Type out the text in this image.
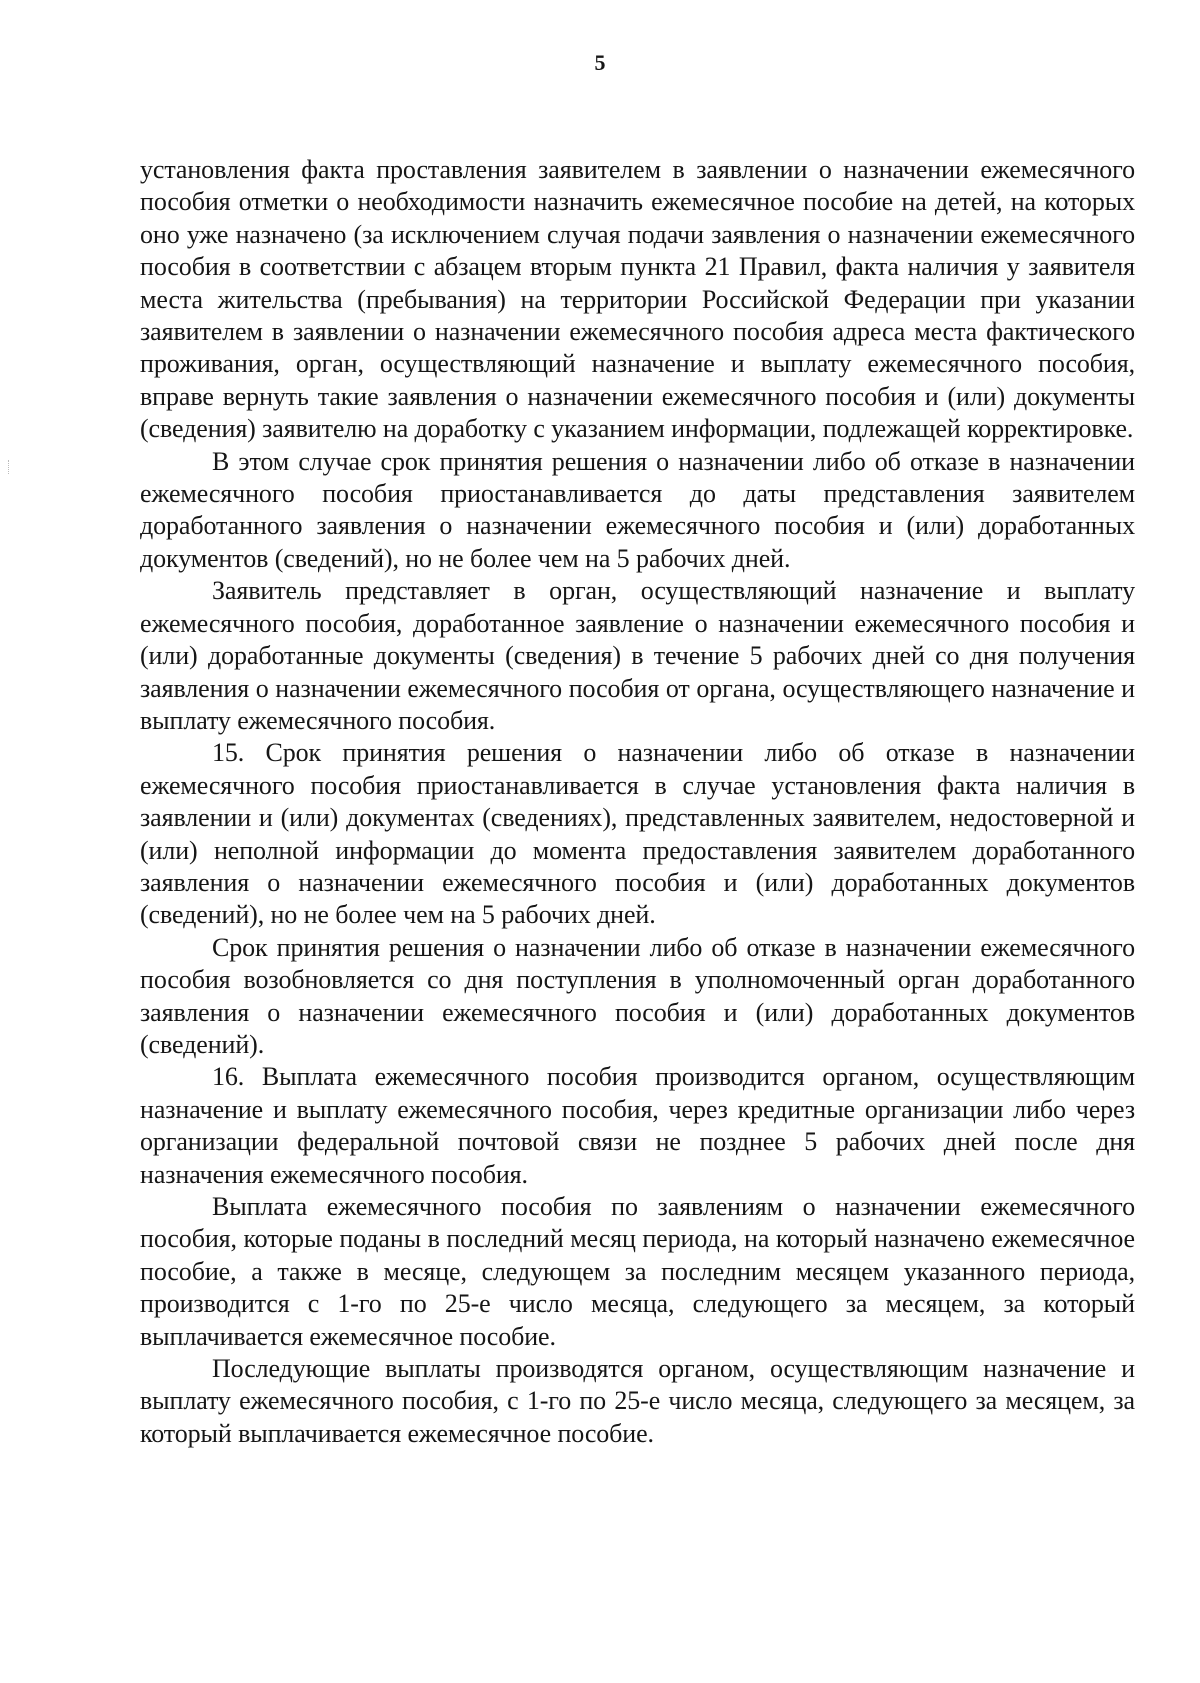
5

установления факта проставления заявителем в заявлении о назначении ежемесячного пособия отметки о необходимости назначить ежемесячное пособие на детей, на которых оно уже назначено (за исключением случая подачи заявления о назначении ежемесячного пособия в соответствии с абзацем вторым пункта 21 Правил, факта наличия у заявителя места жительства (пребывания) на территории Российской Федерации при указании заявителем в заявлении о назначении ежемесячного пособия адреса места фактического проживания, орган, осуществляющий назначение и выплату ежемесячного пособия, вправе вернуть такие заявления о назначении ежемесячного пособия и (или) документы (сведения) заявителю на доработку с указанием информации, подлежащей корректировке.

В этом случае срок принятия решения о назначении либо об отказе в назначении ежемесячного пособия приостанавливается до даты представления заявителем доработанного заявления о назначении ежемесячного пособия и (или) доработанных документов (сведений), но не более чем на 5 рабочих дней.

Заявитель представляет в орган, осуществляющий назначение и выплату ежемесячного пособия, доработанное заявление о назначении ежемесячного пособия и (или) доработанные документы (сведения) в течение 5 рабочих дней со дня получения заявления о назначении ежемесячного пособия от органа, осуществляющего назначение и выплату ежемесячного пособия.

15. Срок принятия решения о назначении либо об отказе в назначении ежемесячного пособия приостанавливается в случае установления факта наличия в заявлении и (или) документах (сведениях), представленных заявителем, недостоверной и (или) неполной информации до момента предоставления заявителем доработанного заявления о назначении ежемесячного пособия и (или) доработанных документов (сведений), но не более чем на 5 рабочих дней.

Срок принятия решения о назначении либо об отказе в назначении ежемесячного пособия возобновляется со дня поступления в уполномоченный орган доработанного заявления о назначении ежемесячного пособия и (или) доработанных документов (сведений).

16. Выплата ежемесячного пособия производится органом, осуществляющим назначение и выплату ежемесячного пособия, через кредитные организации либо через организации федеральной почтовой связи не позднее 5 рабочих дней после дня назначения ежемесячного пособия.

Выплата ежемесячного пособия по заявлениям о назначении ежемесячного пособия, которые поданы в последний месяц периода, на который назначено ежемесячное пособие, а также в месяце, следующем за последним месяцем указанного периода, производится с 1-го по 25-е число месяца, следующего за месяцем, за который выплачивается ежемесячное пособие.

Последующие выплаты производятся органом, осуществляющим назначение и выплату ежемесячного пособия, с 1-го по 25-е число месяца, следующего за месяцем, за который выплачивается ежемесячное пособие.
